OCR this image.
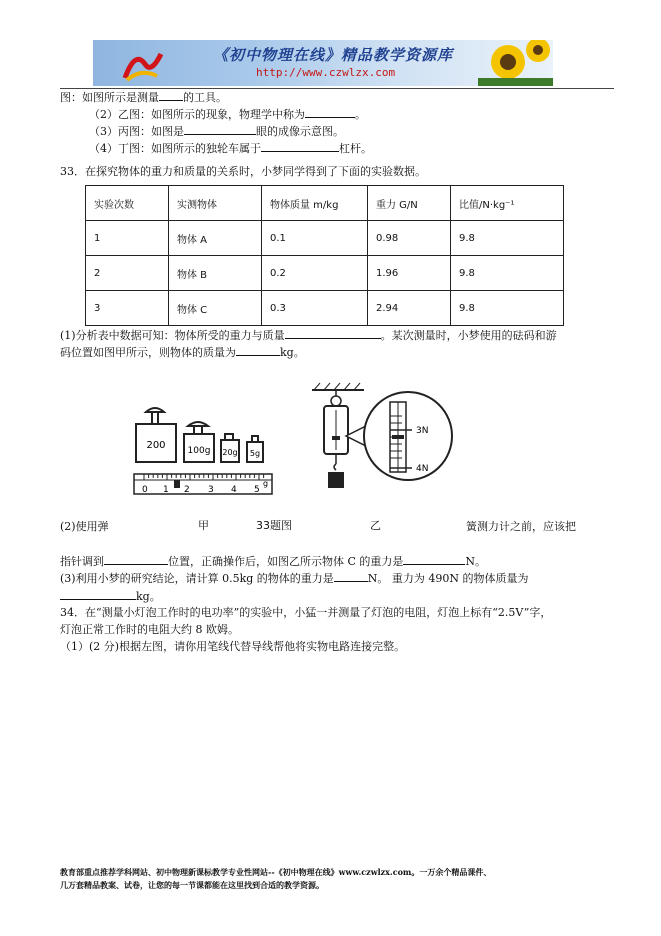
《初中物理在线》精品教学资源库
http://www.czwlzx.com
图：如图所示是测量 的工具。
（2）乙图：如图所示的现象，物理学中称为	。
（3）丙图：如图是	眼的成像示意图。
（4）丁图：如图所示的独轮车属于	杠杆。
33．在探究物体的重力和质量的关系时，小梦同学得到了下面的实验数据。
实验次数	实测物体	物体质量 m/kg	重力 G/N	比值/N·kg⁻¹
1	物体 A	0.1	0.98	9.8
2	物体 B	0.2	1.96	9.8
3	物体 C	0.3	2.94	9.8
(1)分析表中数据可知：物体所受的重力与质量	。某次测量时，小梦使用的砝码和游
码位置如图甲所示，则物体的质量为	kg。
200 100g 20g 5g
0 1 2 3 4 5
g
3N
4N
(2)使用弹	甲	33题图	乙	簧测力计之前，应该把
指针调到	位置，正确操作后，如图乙所示物体 C 的重力是	N。
(3)利用小梦的研究结论，请计算 0.5kg 的物体的重力是	N。 重力为 490N 的物体质量为
kg。
34．在“测量小灯泡工作时的电功率”的实验中，小猛一并测量了灯泡的电阻，灯泡上标有“2.5V”字，
灯泡正常工作时的电阻大约 8 欧姆。
（1）(2 分)根据左图，请你用笔线代替导线帮他将实物电路连接完整。
教育部重点推荐学科网站、初中物理新课标教学专业性网站--《初中物理在线》www.czwlzx.com。一万余个精品课件、
几万套精品教案、试卷，让您的每一节课都能在这里找到合适的教学资源。
